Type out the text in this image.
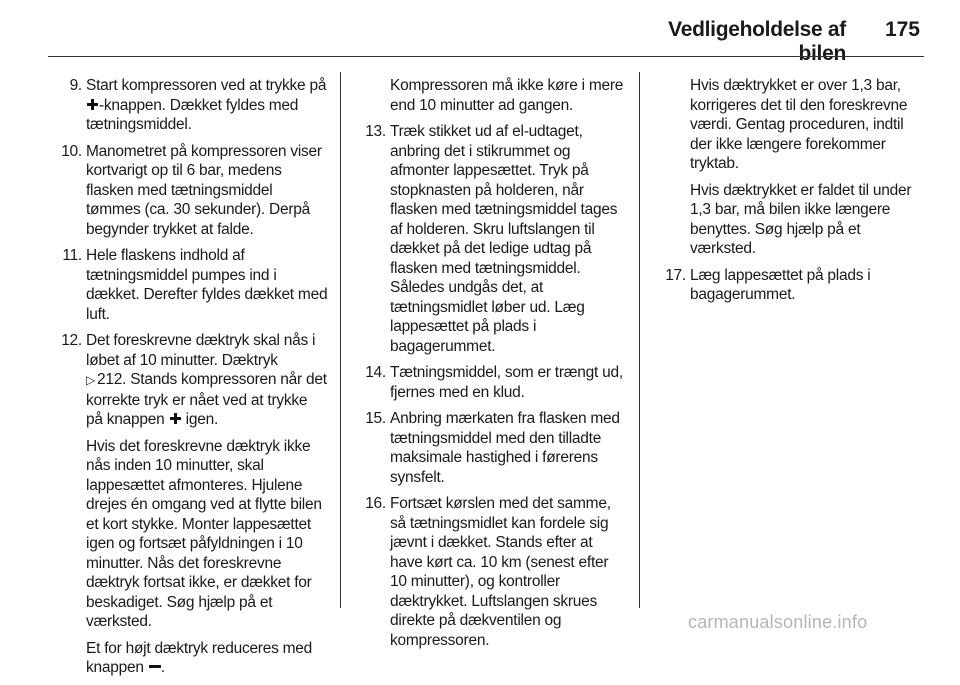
Vedligeholdelse af bilen
175
9. Start kompressoren ved at trykke på -knappen. Dækket fyldes med tætningsmiddel.
10. Manometret på kompressoren viser kortvarigt op til 6 bar, medens flasken med tætningsmiddel tømmes (ca. 30 sekunder). Derpå begynder trykket at falde.
11. Hele flaskens indhold af tætningsmiddel pumpes ind i dækket. Derefter fyldes dækket med luft.
12. Det foreskrevne dæktryk skal nås i løbet af 10 minutter. Dæktryk
▷ 212. Stands kompressoren når det korrekte tryk er nået ved at trykke på knappen  igen.

Hvis det foreskrevne dæktryk ikke nås inden 10 minutter, skal lappesættet afmonteres. Hjulene drejes én omgang ved at flytte bilen et kort stykke. Monter lappesættet igen og fortsæt påfyldningen i 10 minutter. Nås det foreskrevne dæktryk fortsat ikke, er dækket for beskadiget. Søg hjælp på et værksted.

Et for højt dæktryk reduceres med knappen .

Kompressoren må ikke køre i mere end 10 minutter ad gangen.

13. Træk stikket ud af el-udtaget, anbring det i stikrummet og afmonter lappesættet. Tryk på stopknasten på holderen, når flasken med tætningsmiddel tages af holderen. Skru luftslangen til dækket på det ledige udtag på flasken med tætningsmiddel. Således undgås det, at tætningsmidlet løber ud. Læg lappesættet på plads i bagagerummet.
14. Tætningsmiddel, som er trængt ud, fjernes med en klud.
15. Anbring mærkaten fra flasken med tætningsmiddel med den tilladte maksimale hastighed i førerens synsfelt.
16. Fortsæt kørslen med det samme, så tætningsmidlet kan fordele sig jævnt i dækket. Stands efter at have kørt ca. 10 km (senest efter 10 minutter), og kontroller dæktrykket. Luftslangen skrues direkte på dækventilen og kompressoren.

Hvis dæktrykket er over 1,3 bar, korrigeres det til den foreskrevne værdi. Gentag proceduren, indtil der ikke længere forekommer tryktab.

Hvis dæktrykket er faldet til under 1,3 bar, må bilen ikke længere benyttes. Søg hjælp på et værksted.

17. Læg lappesættet på plads i bagagerummet.
carmanualsonline.info
